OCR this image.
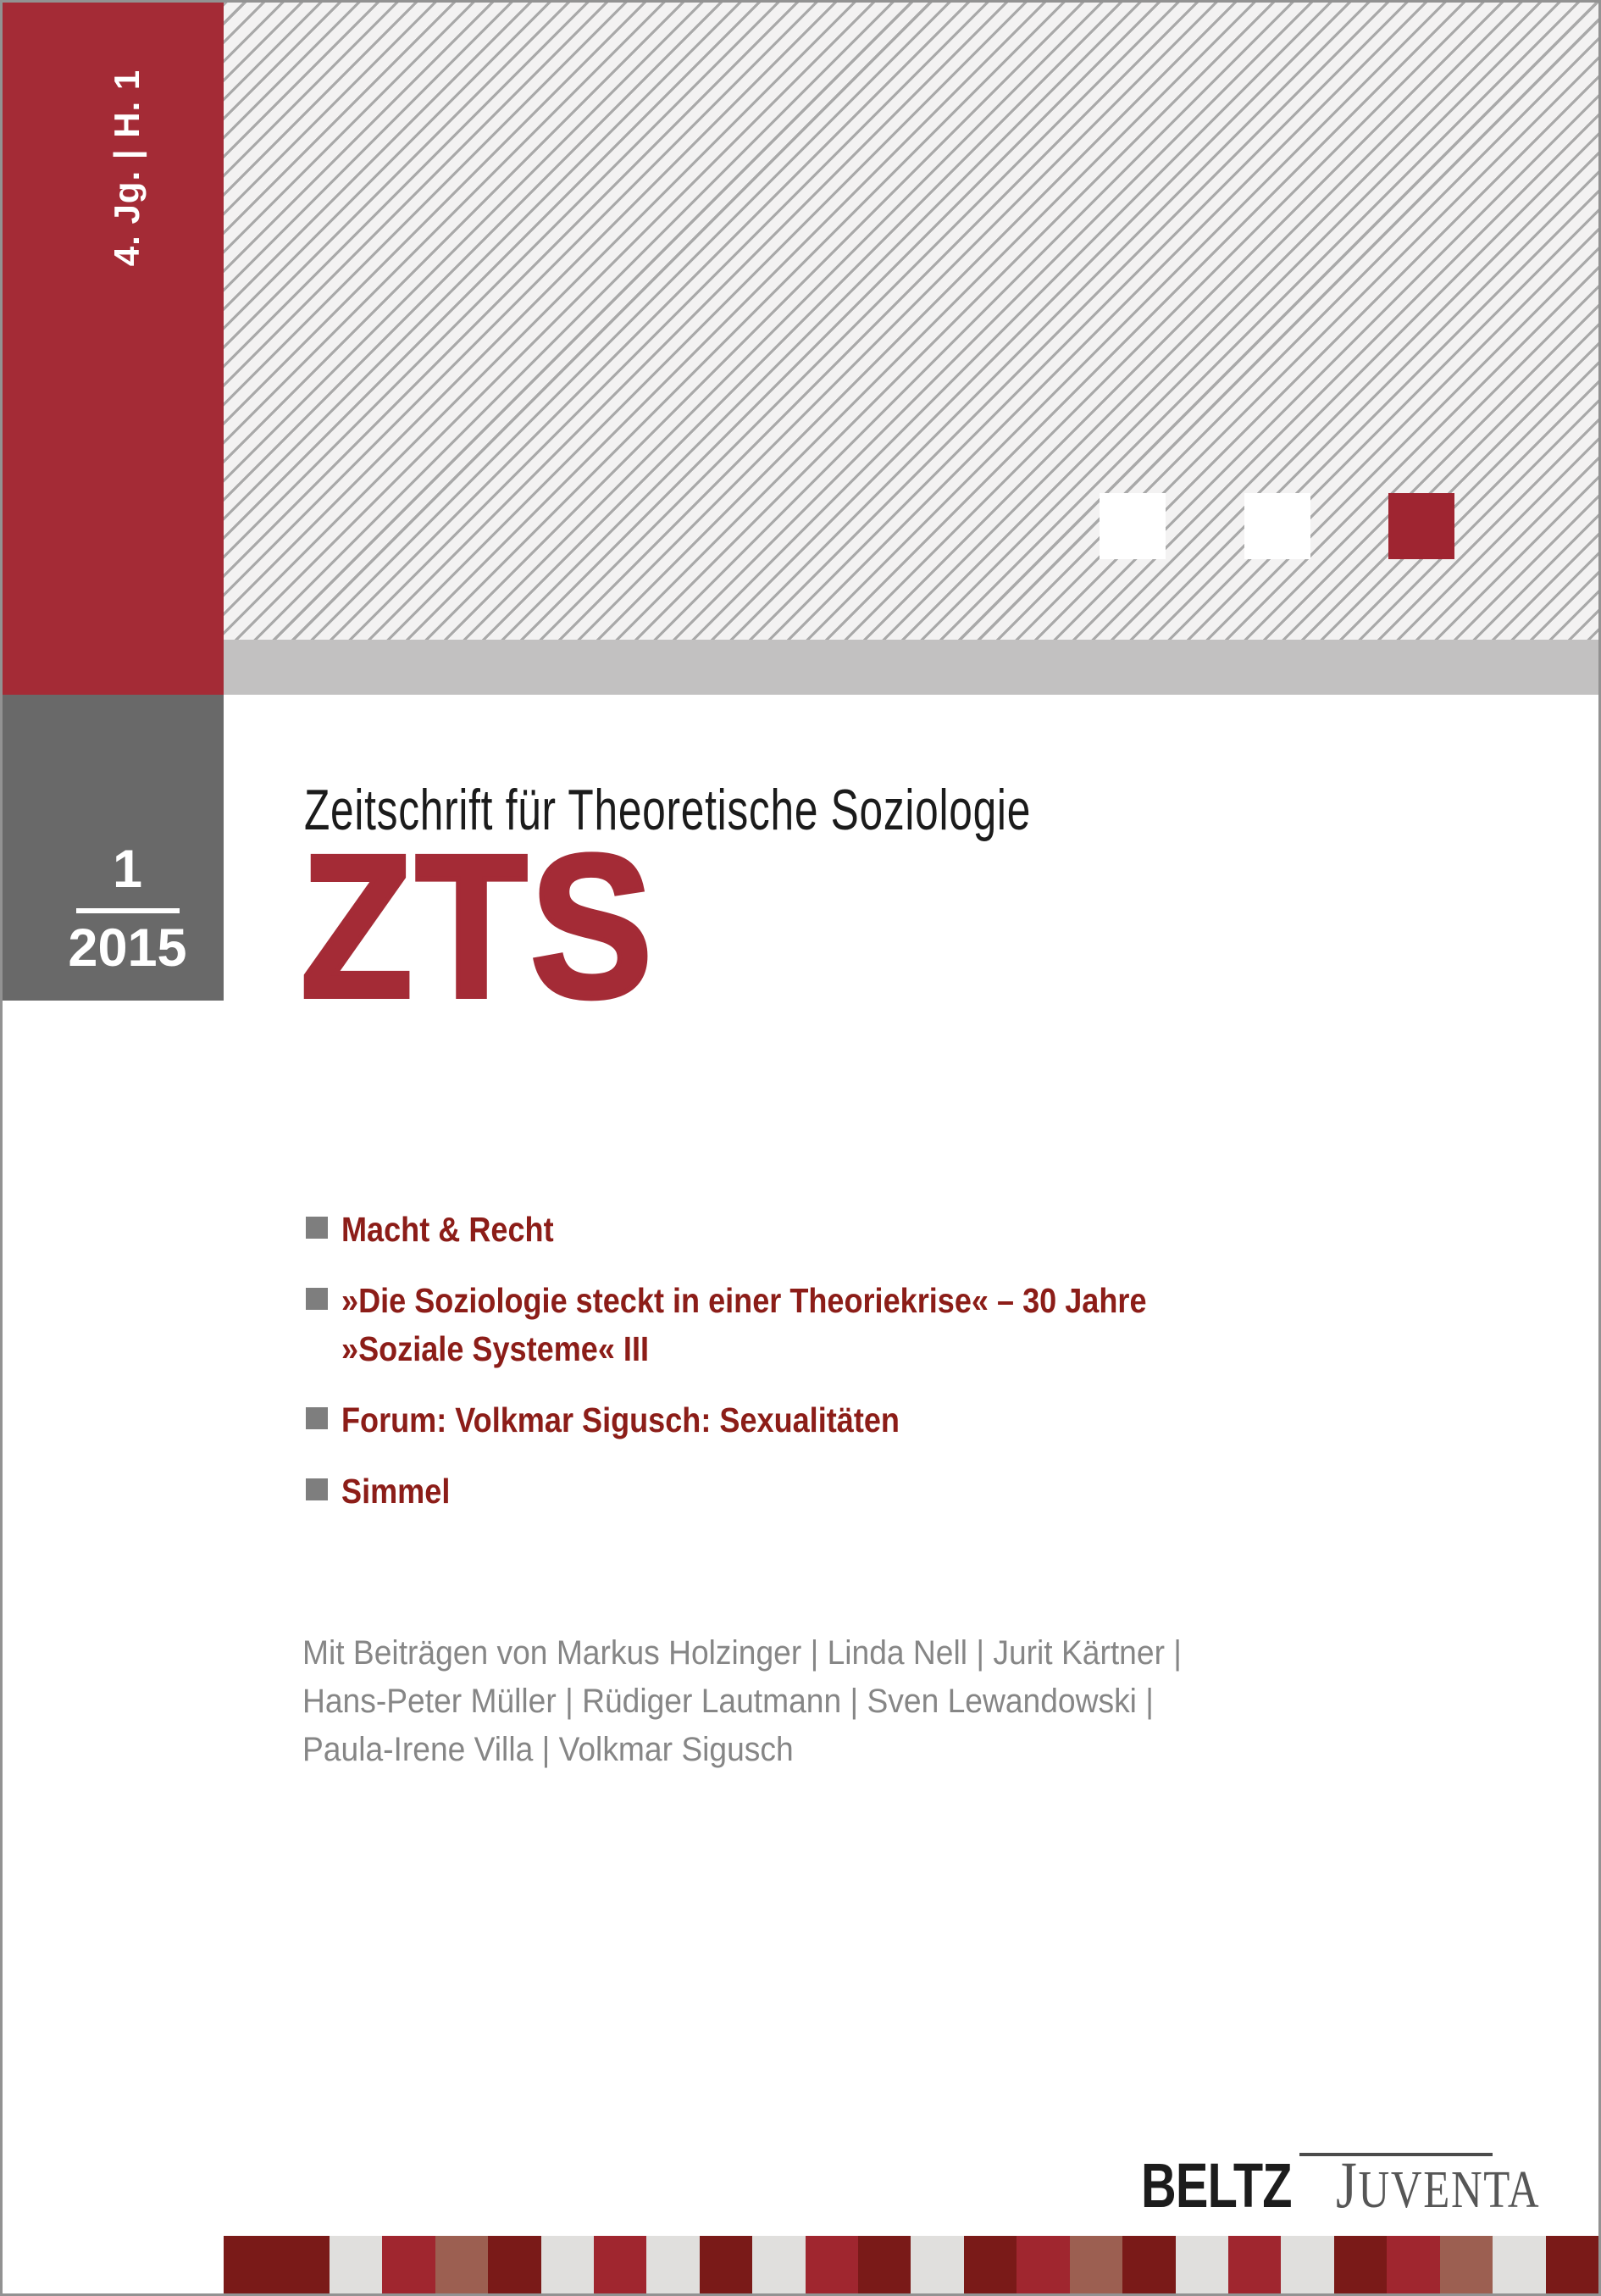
4. Jg. | H. 1
1
2015
Zeitschrift für Theoretische Soziologie
ZTS
Macht & Recht
»Die Soziologie steckt in einer Theoriekrise« – 30 Jahre
»Soziale Systeme« III
Forum: Volkmar Sigusch: Sexualitäten
Simmel
Mit Beiträgen von Markus Holzinger | Linda Nell | Jurit Kärtner |
Hans-Peter Müller | Rüdiger Lautmann | Sven Lewandowski |
Paula-Irene Villa | Volkmar Sigusch
BELTZ JUVENTA
